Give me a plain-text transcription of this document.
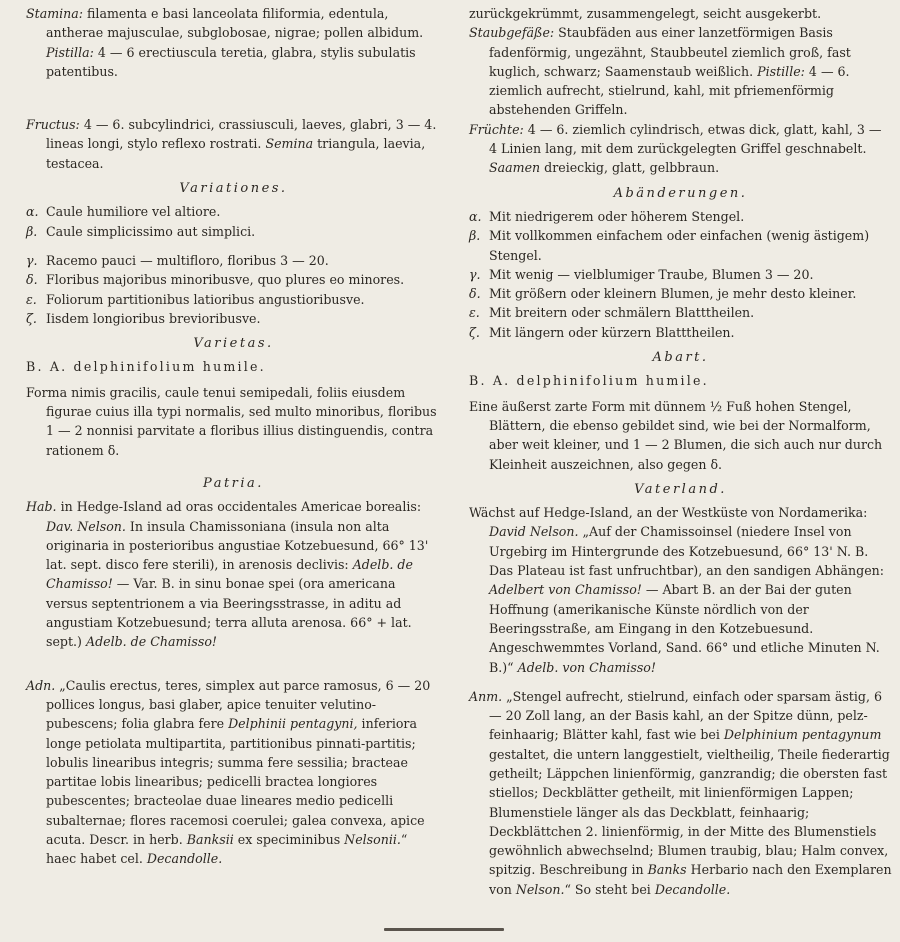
Stamina: filamenta e basi lanceolata filiformia, edentula, antherae majusculae, subglobosae, nigrae; pollen albidum. Pistilla: 4 — 6 erectiuscula teretia, glabra, stylis subulatis patentibus.

Fructus: 4 — 6. subcylindrici, crassiusculi, laeves, glabri, 3 — 4. lineas longi, stylo reflexo rostrati. Semina triangula, laevia, testacea.

Variationes.
α. Caule humiliore vel altiore.
β. Caule simplicissimo aut simplici.
γ. Racemo pauci — multifloro, floribus 3 — 20.
δ. Floribus majoribus minoribusve, quo plures eo minores.
ε. Foliorum partitionibus latioribus angustioribusve.
ζ. Iisdem longioribus brevioribusve.
Varietas.

B. A. delphinifolium humile.

Forma nimis gracilis, caule tenui semipedali, foliis eiusdem figurae cuius illa typi normalis, sed multo minoribus, floribus 1 — 2 nonnisi parvitate a floribus illius distinguendis, contra rationem δ.

Patria.

Hab. in Hedge-Island ad oras occidentales Americae borealis: Dav. Nelson. In insula Chamissoniana (insula non alta originaria in posterioribus angustiae Kotzebuesund, 66° 13' lat. sept. disco fere sterili), in arenosis declivis: Adelb. de Chamisso! — Var. B. in sinu bonae spei (ora americana versus septentrionem a via Beeringsstrasse, in aditu ad angustiam Kotzebuesund; terra alluta arenosa. 66° + lat. sept.) Adelb. de Chamisso!

Adn. „Caulis erectus, teres, simplex aut parce ramosus, 6 — 20 pollices longus, basi glaber, apice tenuiter velutino-pubescens; folia glabra fere Delphinii pentagyni, inferiora longe petiolata multipartita, partitionibus pinnati-partitis; lobulis linearibus integris; summa fere sessilia; bracteae partitae lobis linearibus; pedicelli bractea longiores pubescentes; bracteolae duae lineares medio pedicelli subalternae; flores racemosi coerulei; galea convexa, apice acuta. Descr. in herb. Banksii ex speciminibus Nelsonii.“ haec habet cel. Decandolle.

zurückgekrümmt, zusammengelegt, seicht ausgekerbt.

Staubgefäße: Staubfäden aus einer lanzetförmigen Basis fadenförmig, ungezähnt, Staubbeutel ziemlich groß, fast kuglich, schwarz; Saamenstaub weißlich. Pistille: 4 — 6. ziemlich aufrecht, stielrund, kahl, mit pfriemenförmig abstehenden Griffeln.

Früchte: 4 — 6. ziemlich cylindrisch, etwas dick, glatt, kahl, 3 — 4 Linien lang, mit dem zurückgelegten Griffel geschnabelt. Saamen dreieckig, glatt, gelbbraun.

Abänderungen.
α. Mit niedrigerem oder höherem Stengel.
β. Mit vollkommen einfachem oder einfachen (wenig ästigem) Stengel.
γ. Mit wenig — vielblumiger Traube, Blumen 3 — 20.
δ. Mit größern oder kleinern Blumen, je mehr desto kleiner.
ε. Mit breitern oder schmälern Blatttheilen.
ζ. Mit längern oder kürzern Blatttheilen.
Abart.

B. A. delphinifolium humile.

Eine äußerst zarte Form mit dünnem ½ Fuß hohen Stengel, Blättern, die ebenso gebildet sind, wie bei der Normalform, aber weit kleiner, und 1 — 2 Blumen, die sich auch nur durch Kleinheit auszeichnen, also gegen δ.

Vaterland.

Wächst auf Hedge-Island, an der Westküste von Nordamerika: David Nelson. „Auf der Chamissoinsel (niedere Insel von Urgebirg im Hintergrunde des Kotzebuesund, 66° 13' N. B. Das Plateau ist fast unfruchtbar), an den sandigen Abhängen: Adelbert von Chamisso! — Abart B. an der Bai der guten Hoffnung (amerikanische Künste nördlich von der Beeringsstraße, am Eingang in den Kotzebuesund. Angeschwemmtes Vorland, Sand. 66° und etliche Minuten N. B.)“ Adelb. von Chamisso!

Anm. „Stengel aufrecht, stielrund, einfach oder sparsam ästig, 6 — 20 Zoll lang, an der Basis kahl, an der Spitze dünn, pelz-feinhaarig; Blätter kahl, fast wie bei Delphinium pentagynum gestaltet, die untern langgestielt, vieltheilig, Theile fiederartig getheilt; Läppchen linienförmig, ganzrandig; die obersten fast stiellos; Deckblätter getheilt, mit linienförmigen Lappen; Blumenstiele länger als das Deckblatt, feinhaarig; Deckblättchen 2. linienförmig, in der Mitte des Blumenstiels gewöhnlich abwechselnd; Blumen traubig, blau; Halm convex, spitzig. Beschreibung in Banks Herbario nach den Exemplaren von Nelson.“ So steht bei Decandolle.
